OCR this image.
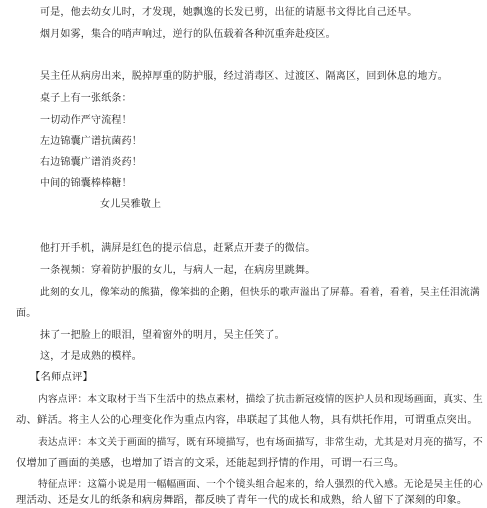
可是，他去幼女儿时，才发现，她飘逸的长发已剪，出征的请愿书文得比自己还早。
烟月如雾，集合的哨声响过，逆行的队伍载着各种沉重奔赴疫区。
吴主任从病房出来，脱掉厚重的防护服，经过消毒区、过渡区、隔离区，回到休息的地方。
桌子上有一张纸条：
一切动作严守流程！
左边锦囊广谱抗菌药！
右边锦囊广谱消炎药！
中间的锦囊棒棒糖！
女儿吴雅敬上
他打开手机，满屏是红色的提示信息，赶紧点开妻子的微信。
一条视频：穿着防护服的女儿，与病人一起，在病房里跳舞。
此刻的女儿，像笨动的熊猫，像笨拙的企鹅，但快乐的歌声溢出了屏幕。看着，看着，吴主任泪流满
面。
抹了一把脸上的眼泪，望着窗外的明月，吴主任笑了。
这，才是成熟的模样。
【名师点评】
内容点评：本文取材于当下生活中的热点素材，描绘了抗击新冠疫情的医护人员和现场画面，真实、生
动、鲜活。将主人公的心理变化作为重点内容，串联起了其他人物，具有烘托作用，可谓重点突出。
表达点评：本文关于画面的描写，既有环境描写，也有场面描写，非常生动，尤其是对月亮的描写，不
仅增加了画面的美感，也增加了语言的文采，还能起到抒情的作用，可谓一石三鸟。
特征点评：这篇小说是用一幅幅画面、一个个镜头组合起来的，给人强烈的代入感。无论是吴主任的心
理活动、还是女儿的纸条和病房舞蹈，都反映了青年一代的成长和成熟，给人留下了深刻的印象。
